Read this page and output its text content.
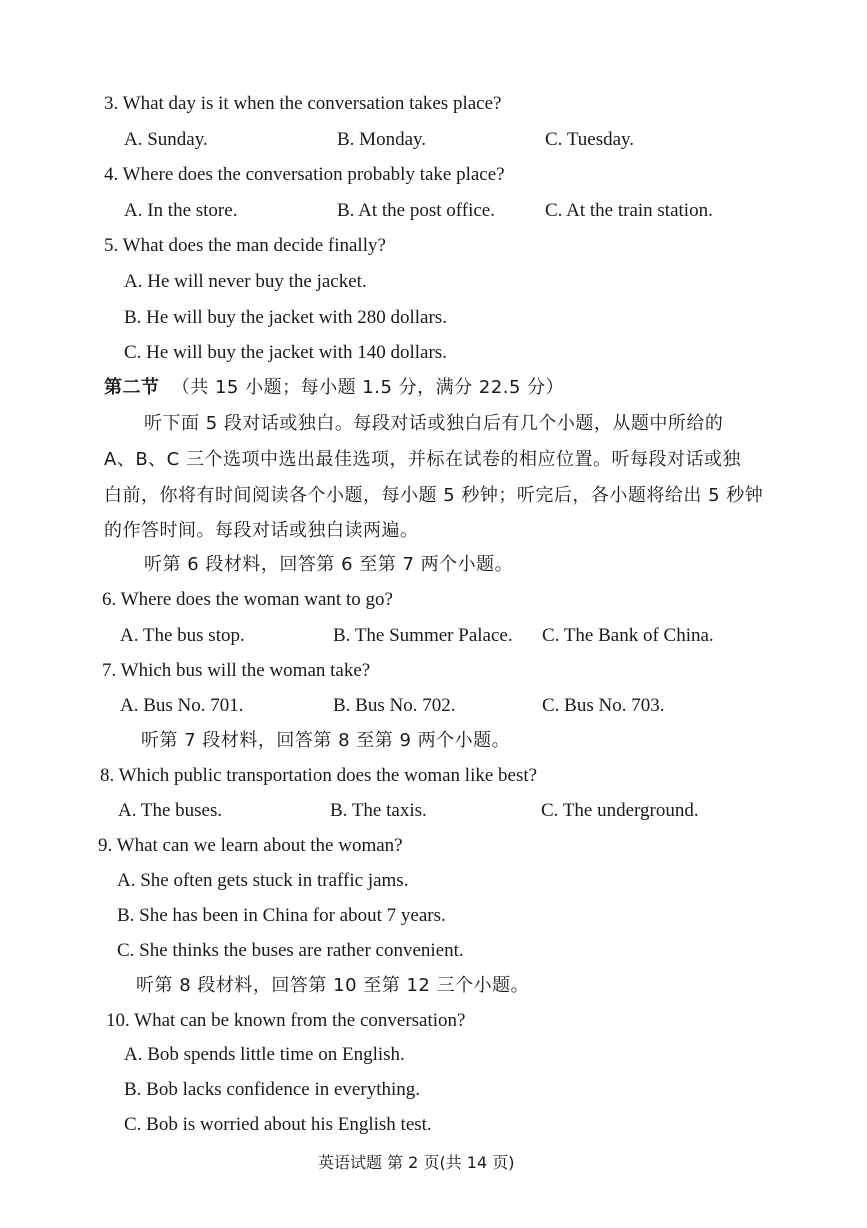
3. What day is it when the conversation takes place?
A. Sunday.	B. Monday.	C. Tuesday.
4. Where does the conversation probably take place?
A. In the store.	B. At the post office.	C. At the train station.
5. What does the man decide finally?
A. He will never buy the jacket.
B. He will buy the jacket with 280 dollars.
C. He will buy the jacket with 140 dollars.
第二节 （共 15 小题；每小题 1.5 分，满分 22.5 分）
听下面 5 段对话或独白。每段对话或独白后有几个小题，从题中所给的
A、B、C 三个选项中选出最佳选项，并标在试卷的相应位置。听每段对话或独
白前，你将有时间阅读各个小题，每小题 5 秒钟；听完后，各小题将给出 5 秒钟
的作答时间。每段对话或独白读两遍。
听第 6 段材料，回答第 6 至第 7 两个小题。
6. Where does the woman want to go?
A. The bus stop.	B. The Summer Palace. C. The Bank of China.
7. Which bus will the woman take?
A. Bus No. 701.	B. Bus No. 702.	C. Bus No. 703.
听第 7 段材料，回答第 8 至第 9 两个小题。
8. Which public transportation does the woman like best?
A. The buses.	B. The taxis.	C. The underground.
9. What can we learn about the woman?
A. She often gets stuck in traffic jams.
B. She has been in China for about 7 years.
C. She thinks the buses are rather convenient.
听第 8 段材料，回答第 10 至第 12 三个小题。
10. What can be known from the conversation?
A. Bob spends little time on English.
B. Bob lacks confidence in everything.
C. Bob is worried about his English test.
英语试题 第 2 页(共 14 页)
